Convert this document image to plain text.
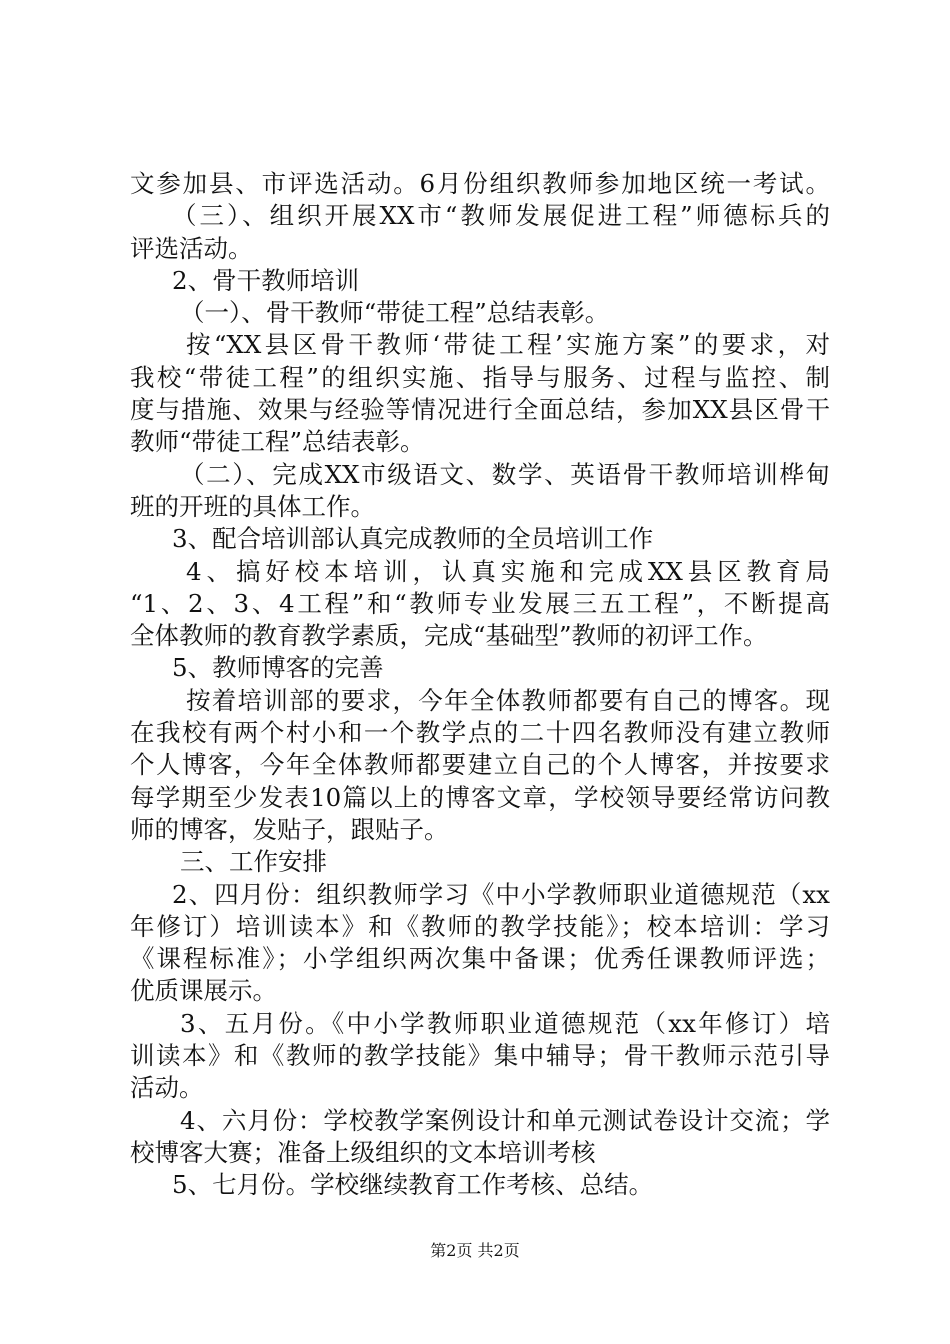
文参加县、市评选活动。6月份组织教师参加地区统一考试。
（三）、组织开展XX市“教师发展促进工程”师德标兵的
评选活动。
2、骨干教师培训
（一）、骨干教师“带徒工程”总结表彰。
按“XX县区骨干教师‘带徒工程’实施方案”的要求，对
我校“带徒工程”的组织实施、指导与服务、过程与监控、制
度与措施、效果与经验等情况进行全面总结，参加XX县区骨干
教师“带徒工程”总结表彰。
（二）、完成XX市级语文、数学、英语骨干教师培训桦甸
班的开班的具体工作。
3、配合培训部认真完成教师的全员培训工作
4、搞好校本培训，认真实施和完成XX县区教育局
“1、2、3、4工程”和“教师专业发展三五工程”，不断提高
全体教师的教育教学素质，完成“基础型”教师的初评工作。
5、教师博客的完善
按着培训部的要求，今年全体教师都要有自己的博客。现
在我校有两个村小和一个教学点的二十四名教师没有建立教师
个人博客，今年全体教师都要建立自己的个人博客，并按要求
每学期至少发表10篇以上的博客文章，学校领导要经常访问教
师的博客，发贴子，跟贴子。
三、工作安排
2、四月份：组织教师学习《中小学教师职业道德规范（xx
年修订）培训读本》和《教师的教学技能》；校本培训：学习
《课程标准》；小学组织两次集中备课；优秀任课教师评选；
优质课展示。
3、五月份。《中小学教师职业道德规范（xx年修订）培
训读本》和《教师的教学技能》集中辅导；骨干教师示范引导
活动。
4、六月份：学校教学案例设计和单元测试卷设计交流；学
校博客大赛；准备上级组织的文本培训考核
5、七月份。学校继续教育工作考核、总结。
第2页 共2页
